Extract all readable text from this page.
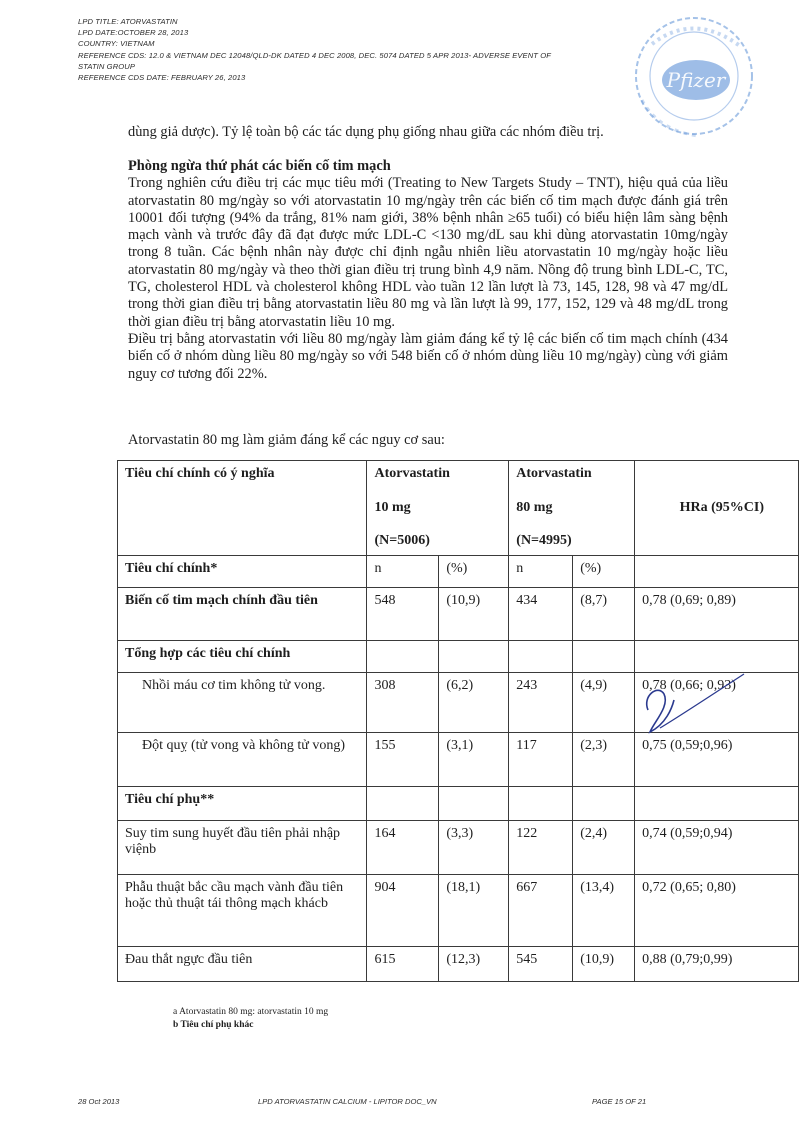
LPD TITLE: ATORVASTATIN
LPD DATE:OCTOBER 28, 2013
COUNTRY: VIETNAM
REFERENCE CDS: 12.0 & VIETNAM DEC 12048/QLD-DK DATED 4 DEC 2008, DEC. 5074 DATED 5 APR 2013- ADVERSE EVENT OF
STATIN GROUP
REFERENCE CDS DATE: FEBRUARY 26, 2013	Pfizer
dùng giả dược). Tỷ lệ toàn bộ các tác dụng phụ giống nhau giữa các nhóm điều trị.
Phòng ngừa thứ phát các biến cố tim mạch

Trong nghiên cứu điều trị các mục tiêu mới (Treating to New Targets Study – TNT), hiệu quả của liều atorvastatin 80 mg/ngày so với atorvastatin 10 mg/ngày trên các biến cố tim mạch được đánh giá trên 10001 đối tượng (94% da trắng, 81% nam giới, 38% bệnh nhân ≥65 tuổi) có biểu hiện lâm sàng bệnh mạch vành và trước đây đã đạt được mức LDL-C <130 mg/dL sau khi dùng atorvastatin 10mg/ngày trong 8 tuần. Các bệnh nhân này được chỉ định ngẫu nhiên liều atorvastatin 10 mg/ngày hoặc liều atorvastatin 80 mg/ngày và theo thời gian điều trị trung bình 4,9 năm. Nồng độ trung bình LDL-C, TC, TG, cholesterol HDL và cholesterol không HDL vào tuần 12 lần lượt là 73, 145, 128, 98 và 47 mg/dL trong thời gian điều trị bằng atorvastatin liều 80 mg và lần lượt là 99, 177, 152, 129 và 48 mg/dL trong thời gian điều trị bằng atorvastatin liều 10 mg.

Điều trị bằng atorvastatin với liều 80 mg/ngày làm giảm đáng kể tỷ lệ các biến cố tim mạch chính (434 biến cố ở nhóm dùng liều 80 mg/ngày so với 548 biến cố ở nhóm dùng liều 10 mg/ngày) cùng với giảm nguy cơ tương đối 22%.

Atorvastatin 80 mg làm giảm đáng kể các nguy cơ sau:
Tiêu chí chính có ý nghĩa	Atorvastatin
10 mg
(N=5006)		Atorvastatin
80 mg
(N=4995)		HRa (95%CI)
Tiêu chí chính*	n	(%)	n	(%)	
Biến cố tim mạch chính đầu tiên	548	(10,9)	434	(8,7)	0,78 (0,69; 0,89)
Tổng hợp các tiêu chí chính					
Nhồi máu cơ tim không tử vong.	308	(6,2)	243	(4,9)	0,78 (0,66; 0,93)
Đột quỵ (tử vong và không tử vong)	155	(3,1)	117	(2,3)	0,75 (0,59;0,96)
Tiêu chí phụ**					
Suy tim sung huyết đầu tiên phải nhập việnb	164	(3,3)	122	(2,4)	0,74 (0,59;0,94)
Phẫu thuật bắc cầu mạch vành đầu tiên hoặc thủ thuật tái thông mạch khácb	904	(18,1)	667	(13,4)	0,72 (0,65; 0,80)
Đau thắt ngực đầu tiên	615	(12,3)	545	(10,9)	0,88 (0,79;0,99)
a Atorvastatin 80 mg: atorvastatin 10 mg
b Tiêu chí phụ khác
28 Oct 2013	LPD ATORVASTATIN CALCIUM - LIPITOR DOC_VN	PAGE 15 OF 21
